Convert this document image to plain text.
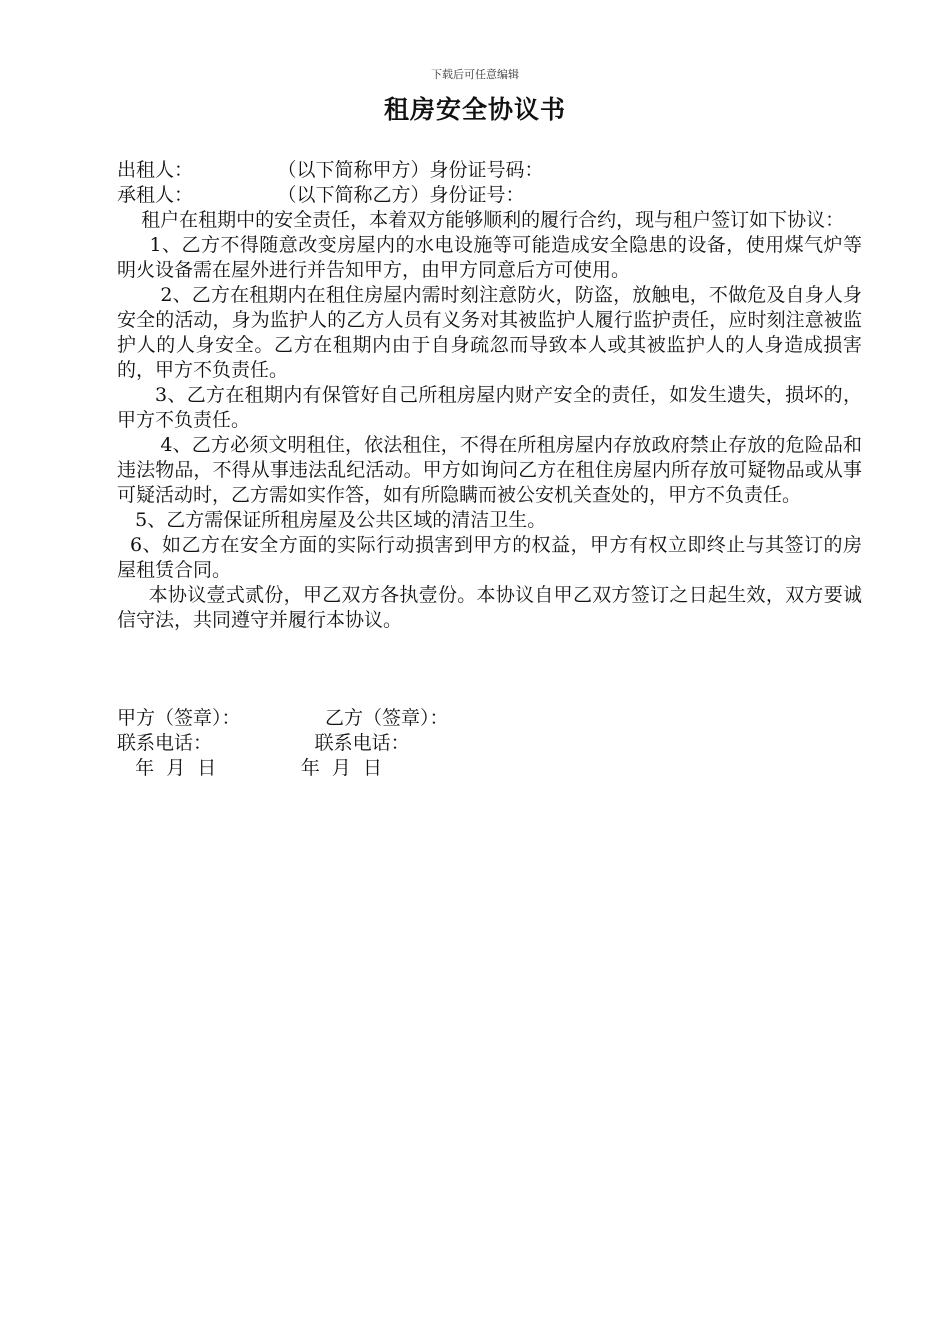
下载后可任意编辑
租房安全协议书
出租人：              （以下简称甲方）身份证号码：
承租人：              （以下简称乙方）身份证号：
租户在租期中的安全责任，本着双方能够顺利的履行合约，现与租户签订如下协议：
1、乙方不得随意改变房屋内的水电设施等可能造成安全隐患的设备，使用煤气炉等明火设备需在屋外进行并告知甲方，由甲方同意后方可使用。
2、乙方在租期内在租住房屋内需时刻注意防火，防盗，放触电，不做危及自身人身安全的活动，身为监护人的乙方人员有义务对其被监护人履行监护责任，应时刻注意被监护人的人身安全。乙方在租期内由于自身疏忽而导致本人或其被监护人的人身造成损害的，甲方不负责任。
3、乙方在租期内有保管好自己所租房屋内财产安全的责任，如发生遗失，损坏的，甲方不负责任。
4、乙方必须文明租住，依法租住，不得在所租房屋内存放政府禁止存放的危险品和违法物品，不得从事违法乱纪活动。甲方如询问乙方在租住房屋内所存放可疑物品或从事可疑活动时，乙方需如实作答，如有所隐瞒而被公安机关查处的，甲方不负责任。
5、乙方需保证所租房屋及公共区域的清洁卫生。
6、如乙方在安全方面的实际行动损害到甲方的权益，甲方有权立即终止与其签订的房屋租赁合同。
本协议壹式贰份，甲乙双方各执壹份。本协议自甲乙双方签订之日起生效，双方要诚信守法，共同遵守并履行本协议。
甲方（签章）：              乙方（签章）：
联系电话：                 联系电话：
年  月  日              年  月  日
